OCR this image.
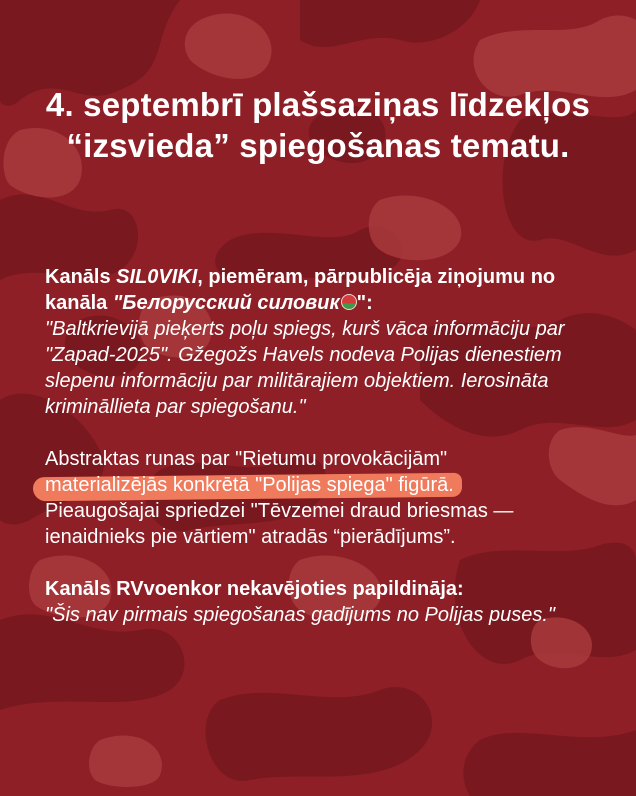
4. septembrī plašsaziņas līdzekļos “izsvieda” spiegošanas tematu.

Kanāls SIL0VIKI, piemēram, pārpublicēja ziņojumu no kanāla "Белорусский силовик ":

"Baltkrievijā pieķerts poļu spiegs, kurš vāca informāciju par "Zapad-2025". Gžegožs Havels nodeva Polijas dienestiem slepenu informāciju par militārajiem objektiem. Ierosināta krimināllieta par spiegošanu."

Abstraktas runas par "Rietumu provokācijām"

materializējās konkrētā "Polijas spiega" figūrā.
Pieaugošajai spriedzei "Tēvzemei draud briesmas — ienaidnieks pie vārtiem" atradās “pierādījums”.

Kanāls RVvoenkor nekavējoties papildināja:

"Šis nav pirmais spiegošanas gadījums no Polijas puses."
